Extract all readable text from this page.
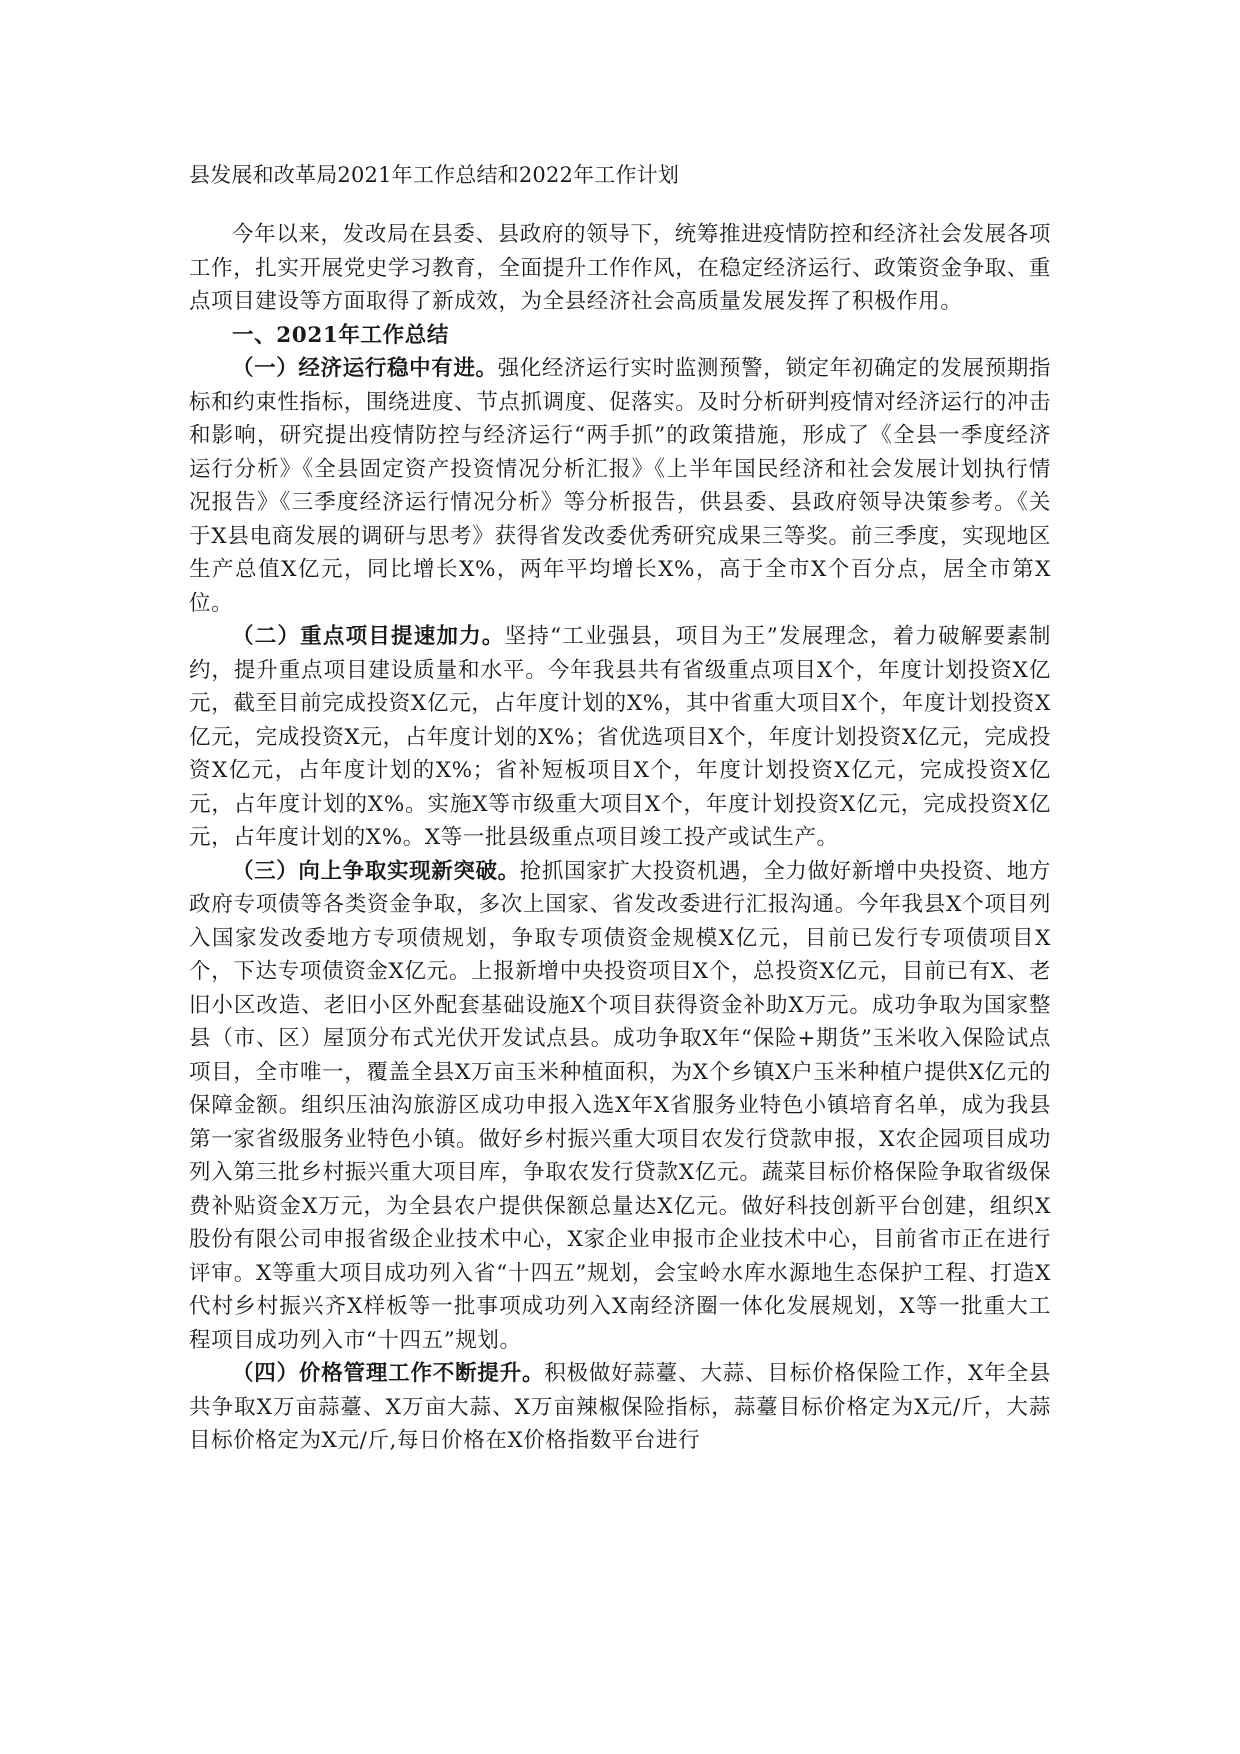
县发展和改革局2021年工作总结和2022年工作计划

今年以来，发改局在县委、县政府的领导下，统筹推进疫情防控和经济社会发展各项工作，扎实开展党史学习教育，全面提升工作作风，在稳定经济运行、政策资金争取、重点项目建设等方面取得了新成效，为全县经济社会高质量发展发挥了积极作用。

一、2021年工作总结

（一）经济运行稳中有进。强化经济运行实时监测预警，锁定年初确定的发展预期指标和约束性指标，围绕进度、节点抓调度、促落实。及时分析研判疫情对经济运行的冲击和影响，研究提出疫情防控与经济运行“两手抓”的政策措施，形成了《全县一季度经济运行分析》《全县固定资产投资情况分析汇报》《上半年国民经济和社会发展计划执行情况报告》《三季度经济运行情况分析》等分析报告，供县委、县政府领导决策参考。《关于X县电商发展的调研与思考》获得省发改委优秀研究成果三等奖。前三季度，实现地区生产总值X亿元，同比增长X%，两年平均增长X%，高于全市X个百分点，居全市第X位。

（二）重点项目提速加力。坚持“工业强县，项目为王”发展理念，着力破解要素制约，提升重点项目建设质量和水平。今年我县共有省级重点项目X个，年度计划投资X亿元，截至目前完成投资X亿元，占年度计划的X%，其中省重大项目X个，年度计划投资X亿元，完成投资X元，占年度计划的X%；省优选项目X个，年度计划投资X亿元，完成投资X亿元，占年度计划的X%；省补短板项目X个，年度计划投资X亿元，完成投资X亿元，占年度计划的X%。实施X等市级重大项目X个，年度计划投资X亿元，完成投资X亿元，占年度计划的X%。X等一批县级重点项目竣工投产或试生产。

（三）向上争取实现新突破。抢抓国家扩大投资机遇，全力做好新增中央投资、地方政府专项债等各类资金争取，多次上国家、省发改委进行汇报沟通。今年我县X个项目列入国家发改委地方专项债规划，争取专项债资金规模X亿元，目前已发行专项债项目X个，下达专项债资金X亿元。上报新增中央投资项目X个，总投资X亿元，目前已有X、老旧小区改造、老旧小区外配套基础设施X个项目获得资金补助X万元。成功争取为国家整县（市、区）屋顶分布式光伏开发试点县。成功争取X年“保险+期货”玉米收入保险试点项目，全市唯一，覆盖全县X万亩玉米种植面积，为X个乡镇X户玉米种植户提供X亿元的保障金额。组织压油沟旅游区成功申报入选X年X省服务业特色小镇培育名单，成为我县第一家省级服务业特色小镇。做好乡村振兴重大项目农发行贷款申报，X农企园项目成功列入第三批乡村振兴重大项目库，争取农发行贷款X亿元。蔬菜目标价格保险争取省级保费补贴资金X万元，为全县农户提供保额总量达X亿元。做好科技创新平台创建，组织X股份有限公司申报省级企业技术中心，X家企业申报市企业技术中心，目前省市正在进行评审。X等重大项目成功列入省“十四五”规划，会宝岭水库水源地生态保护工程、打造X代村乡村振兴齐X样板等一批事项成功列入X南经济圈一体化发展规划，X等一批重大工程项目成功列入市“十四五”规划。

（四）价格管理工作不断提升。积极做好蒜薹、大蒜、目标价格保险工作，X年全县共争取X万亩蒜薹、X万亩大蒜、X万亩辣椒保险指标，蒜薹目标价格定为X元/斤，大蒜目标价格定为X元/斤,每日价格在X价格指数平台进行
